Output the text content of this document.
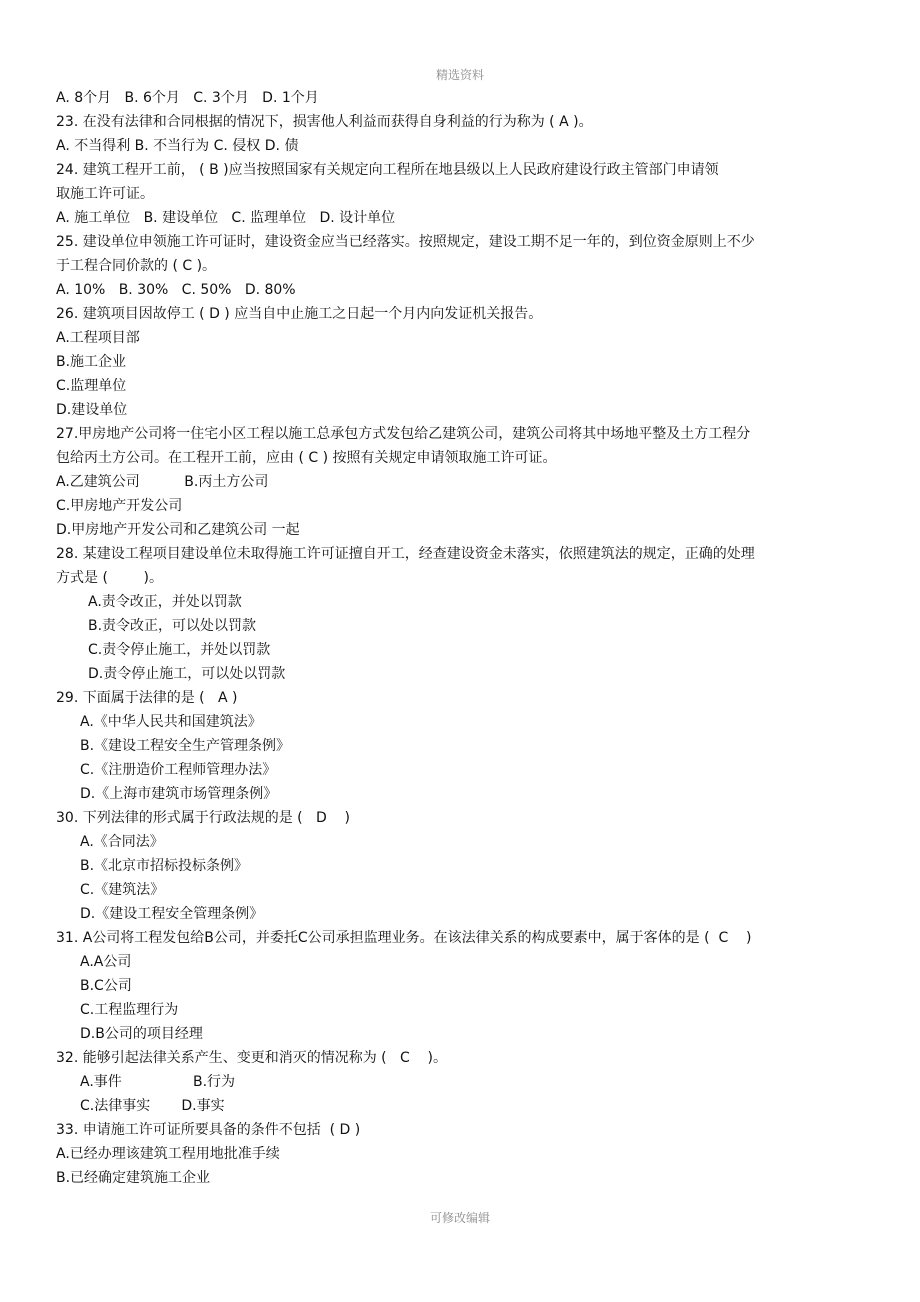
精选资料
A. 8个月   B. 6个月   C. 3个月   D. 1个月
23. 在没有法律和合同根据的情况下，损害他人利益而获得自身利益的行为称为 ( A )。
A. 不当得利 B. 不当行为 C. 侵权 D. 债
24. 建筑工程开工前， ( B )应当按照国家有关规定向工程所在地县级以上人民政府建设行政主管部门申请领
取施工许可证。
A. 施工单位   B. 建设单位   C. 监理单位   D. 设计单位
25. 建设单位申领施工许可证时，建设资金应当已经落实。按照规定，建设工期不足一年的，到位资金原则上不少
于工程合同价款的 ( C )。
A. 10%   B. 30%   C. 50%   D. 80%
26. 建筑项目因故停工 ( D ) 应当自中止施工之日起一个月内向发证机关报告。
A.工程项目部
B.施工企业
C.监理单位
D.建设单位
27.甲房地产公司将一住宅小区工程以施工总承包方式发包给乙建筑公司，建筑公司将其中场地平整及土方工程分
包给丙土方公司。在工程开工前，应由 ( C ) 按照有关规定申请领取施工许可证。
A.乙建筑公司          B.丙土方公司
C.甲房地产开发公司
D.甲房地产开发公司和乙建筑公司 一起
28. 某建设工程项目建设单位未取得施工许可证擅自开工，经查建设资金未落实，依照建筑法的规定，正确的处理
方式是 (        )。
A.责令改正，并处以罚款
B.责令改正，可以处以罚款
C.责令停止施工，并处以罚款
D.责令停止施工，可以处以罚款
29. 下面属于法律的是 (   A )
A.《中华人民共和国建筑法》
B.《建设工程安全生产管理条例》
C.《注册造价工程师管理办法》
D.《上海市建筑市场管理条例》
30. 下列法律的形式属于行政法规的是 (   D    )
A.《合同法》
B.《北京市招标投标条例》
C.《建筑法》
D.《建设工程安全管理条例》
31. A公司将工程发包给B公司，并委托C公司承担监理业务。在该法律关系的构成要素中，属于客体的是 (  C    )
A.A公司
B.C公司
C.工程监理行为
D.B公司的项目经理
32. 能够引起法律关系产生、变更和消灭的情况称为 (   C    )。
A.事件                B.行为
C.法律事实       D.事实
33. 申请施工许可证所要具备的条件不包括  ( D )
A.已经办理该建筑工程用地批准手续
B.已经确定建筑施工企业
可修改编辑
